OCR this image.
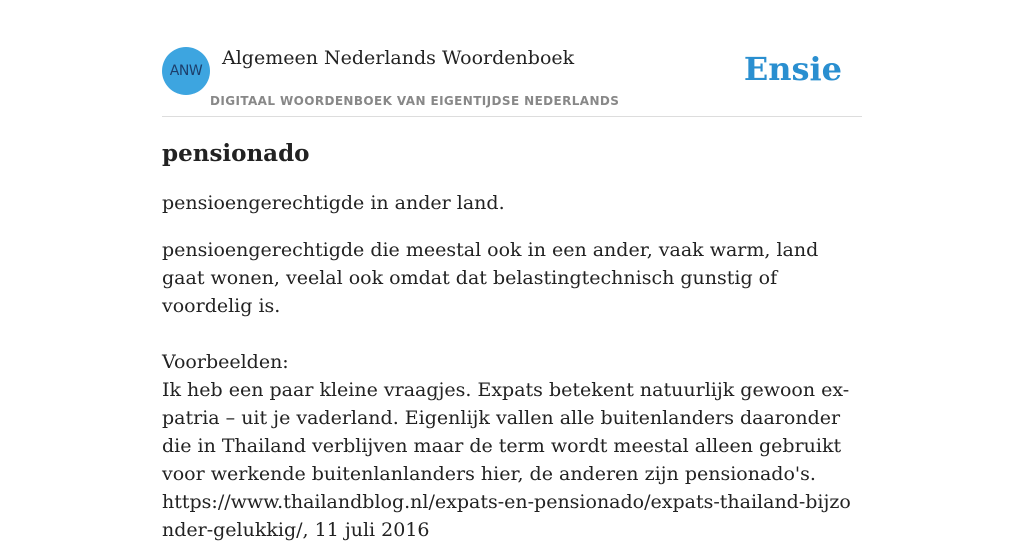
ANW
Algemeen Nederlands Woordenboek
DIGITAAL WOORDENBOEK VAN EIGENTIJDSE NEDERLANDS
Ensie
pensionado

pensioengerechtigde in ander land.

pensioengerechtigde die meestal ook in een ander, vaak warm, land gaat wonen, veelal ook omdat dat belastingtechnisch gunstig of voordelig is.

Voorbeelden:

Ik heb een paar kleine vraagjes. Expats betekent natuurlijk gewoon ex-patria – uit je vaderland. Eigenlijk vallen alle buitenlanders daaronder die in Thailand verblijven maar de term wordt meestal alleen gebruikt voor werkende buitenlanlanders hier, de anderen zijn pensionado's.

https://www.thailandblog.nl/expats-en-pensionado/expats-thailand-bijzonder-gelukkig/, 11 juli 2016
